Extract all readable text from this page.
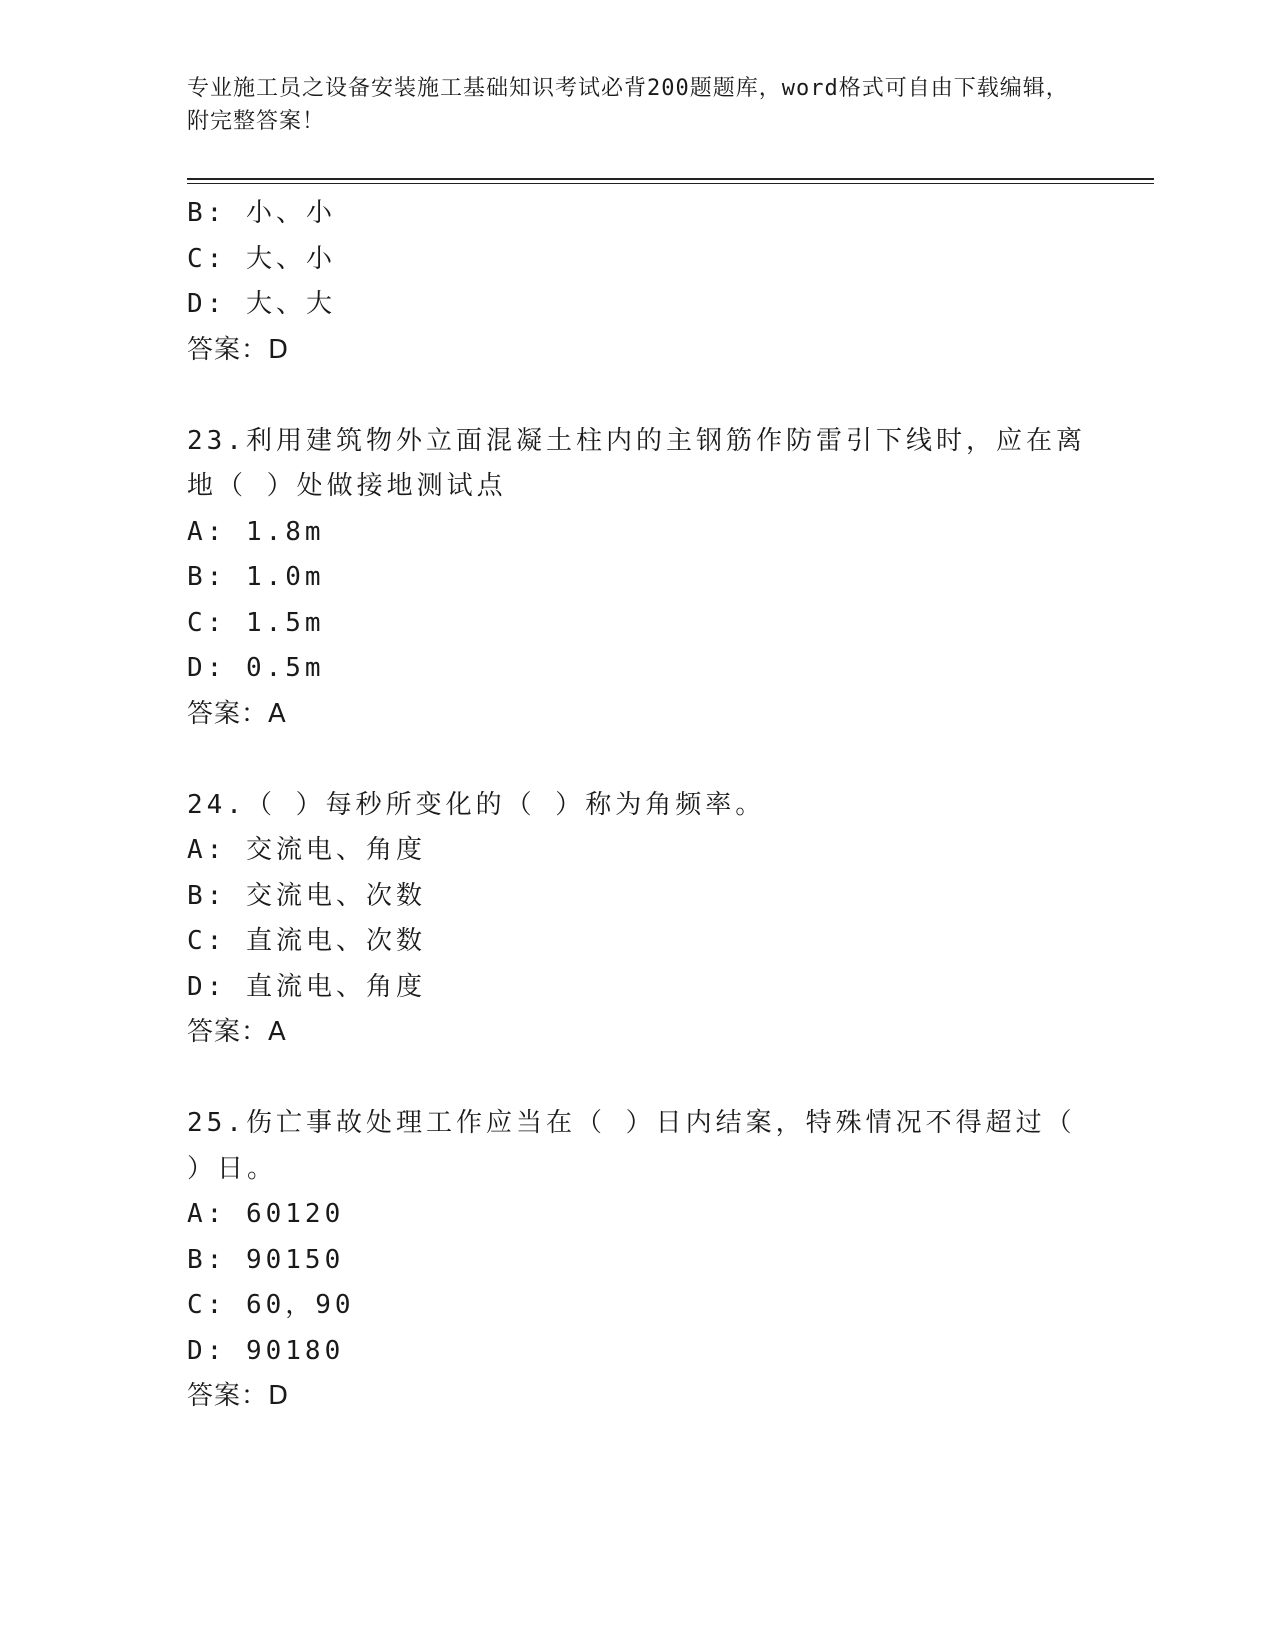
专业施工员之设备安装施工基础知识考试必背200题题库，word格式可自由下载编辑，附完整答案！
B: 小、小
C: 大、小
D: 大、大
答案：D
23.利用建筑物外立面混凝土柱内的主钢筋作防雷引下线时，应在离地（ ）处做接地测试点
A: 1.8m
B: 1.0m
C: 1.5m
D: 0.5m
答案：A
24.（ ）每秒所变化的（ ）称为角频率。
A: 交流电、角度
B: 交流电、次数
C: 直流电、次数
D: 直流电、角度
答案：A
25.伤亡事故处理工作应当在（ ）日内结案，特殊情况不得超过（ ）日。
A: 60120
B: 90150
C: 60，90
D: 90180
答案：D
